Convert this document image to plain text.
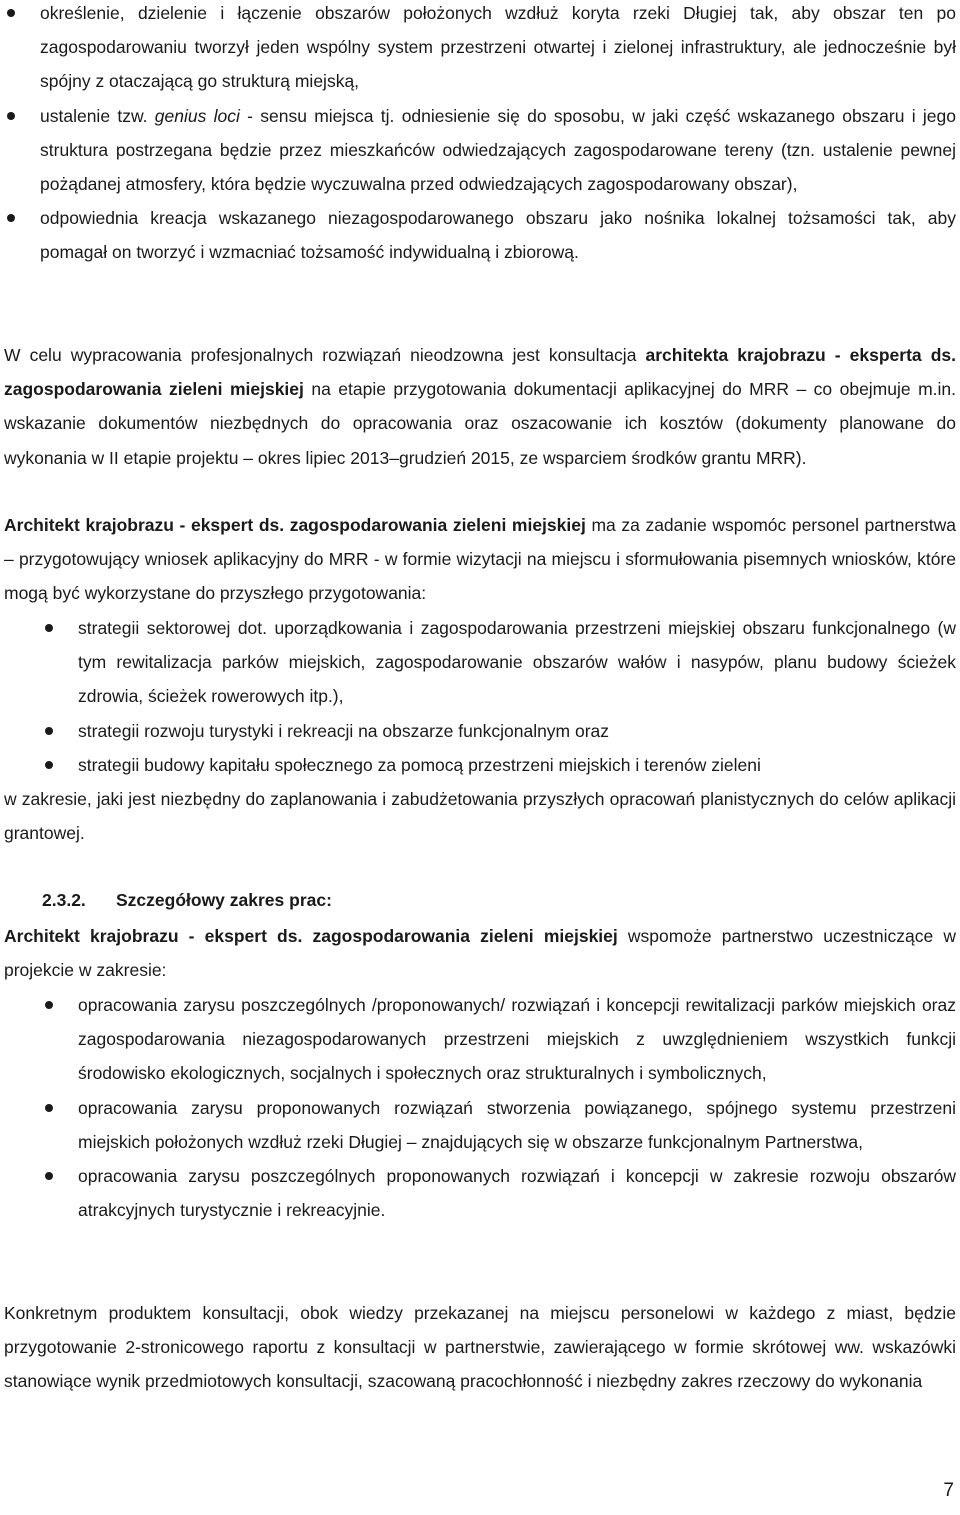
określenie, dzielenie i łączenie obszarów położonych wzdłuż koryta rzeki Długiej tak, aby obszar ten po zagospodarowaniu tworzył jeden wspólny system przestrzeni otwartej i zielonej infrastruktury, ale jednocześnie był spójny z otaczającą go strukturą miejską,
ustalenie tzw. genius loci - sensu miejsca tj. odniesienie się do sposobu, w jaki część wskazanego obszaru i jego struktura postrzegana będzie przez mieszkańców odwiedzających zagospodarowane tereny (tzn. ustalenie pewnej pożądanej atmosfery, która będzie wyczuwalna przed odwiedzających zagospodarowany obszar),
odpowiednia kreacja wskazanego niezagospodarowanego obszaru jako nośnika lokalnej tożsamości tak, aby pomagał on tworzyć i wzmacniać tożsamość indywidualną i zbiorową.
W celu wypracowania profesjonalnych rozwiązań nieodzowna jest konsultacja architekta krajobrazu - eksperta ds. zagospodarowania zieleni miejskiej na etapie przygotowania dokumentacji aplikacyjnej do MRR – co obejmuje m.in. wskazanie dokumentów niezbędnych do opracowania oraz oszacowanie ich kosztów (dokumenty planowane do wykonania w II etapie projektu – okres lipiec 2013–grudzień 2015, ze wsparciem środków grantu MRR).
Architekt krajobrazu - ekspert ds. zagospodarowania zieleni miejskiej ma za zadanie wspomóc personel partnerstwa – przygotowujący wniosek aplikacyjny do MRR - w formie wizytacji na miejscu i sformułowania pisemnych wniosków, które mogą być wykorzystane do przyszłego przygotowania:
strategii sektorowej dot. uporządkowania i zagospodarowania przestrzeni miejskiej obszaru funkcjonalnego (w tym rewitalizacja parków miejskich, zagospodarowanie obszarów wałów i nasypów, planu budowy ścieżek zdrowia, ścieżek rowerowych itp.),
strategii rozwoju turystyki i rekreacji na obszarze funkcjonalnym oraz
strategii budowy kapitału społecznego za pomocą przestrzeni miejskich i terenów zieleni
w zakresie, jaki jest niezbędny do zaplanowania i zabudżetowania przyszłych opracowań planistycznych do celów aplikacji grantowej.
2.3.2. Szczegółowy zakres prac:
Architekt krajobrazu - ekspert ds. zagospodarowania zieleni miejskiej wspomoże partnerstwo uczestniczące w projekcie w zakresie:
opracowania zarysu poszczególnych /proponowanych/ rozwiązań i koncepcji rewitalizacji parków miejskich oraz zagospodarowania niezagospodarowanych przestrzeni miejskich z uwzględnieniem wszystkich funkcji środowisko ekologicznych, socjalnych i społecznych oraz strukturalnych i symbolicznych,
opracowania zarysu proponowanych rozwiązań stworzenia powiązanego, spójnego systemu przestrzeni miejskich położonych wzdłuż rzeki Długiej – znajdujących się w obszarze funkcjonalnym Partnerstwa,
opracowania zarysu poszczególnych proponowanych rozwiązań i koncepcji w zakresie rozwoju obszarów atrakcyjnych turystycznie i rekreacyjnie.
Konkretnym produktem konsultacji, obok wiedzy przekazanej na miejscu personelowi w każdego z miast, będzie przygotowanie 2-stronicowego raportu z konsultacji w partnerstwie, zawierającego w formie skrótowej ww. wskazówki stanowiące wynik przedmiotowych konsultacji, szacowaną pracochłonność i niezbędny zakres rzeczowy do wykonania
7
